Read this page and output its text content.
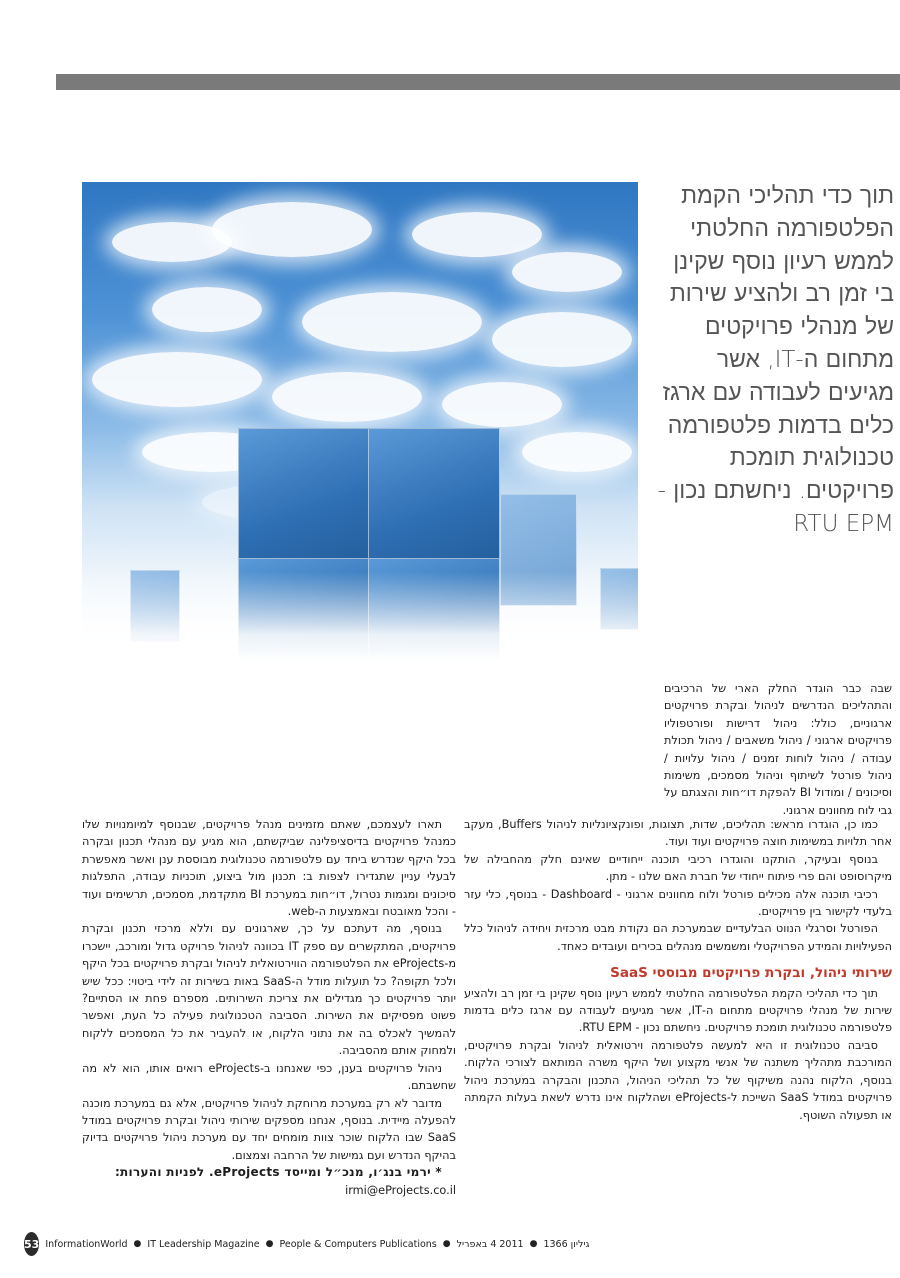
תוך כדי תהליכי הקמת הפלטפורמה החלטתי לממש רעיון נוסף שקינן בי זמן רב ולהציע שירות של מנהלי פרויקטים מתחום ה-IT, אשר מגיעים לעבודה עם ארגז כלים בדמות פלטפורמה טכנולוגית תומכת פרויקטים. ניחשתם נכון - RTU EPM

שבה כבר הוגדר החלק הארי של הרכיבים והתהליכים הנדרשים לניהול ובקרת פרויקטים ארגוניים, כולל: ניהול דרישות ופורטפוליו פרויקטים ארגוני / ניהול משאבים / ניהול תכולת עבודה / ניהול לוחות זמנים / ניהול עלויות / ניהול פורטל לשיתוף וניהול מסמכים, משימות וסיכונים / ומודול BI להפקת דו״חות והצגתם על גבי לוח מחוונים ארגוני.

כמו כן, הוגדרו מראש: תהליכים, שדות, תצוגות, ופונקציונליות לניהול Buffers, מעקב אחר תלויות במשימות חוצה פרויקטים ועוד ועוד.

בנוסף ובעיקר, הותקנו והוגדרו רכיבי תוכנה ייחודיים שאינם חלק מהחבילה של מיקרוסופט והם פרי פיתוח ייחודי של חברת האם שלנו - מתן.

רכיבי תוכנה אלה מכילים פורטל ולוח מחוונים ארגוני - Dashboard - בנוסף, כלי עזר בלעדי לקישור בין פרויקטים.

הפורטל וסרגלי הנווט הבלעדיים שבמערכת הם נקודת מבט מרכזית ויחידה לניהול כלל הפעילויות והמידע הפרויקטלי ומשמשים מנהלים בכירים ועובדים כאחד.

שירותי ניהול, ובקרת פרויקטים מבוססי SaaS

תוך כדי תהליכי הקמת הפלטפורמה החלטתי לממש רעיון נוסף שקינן בי זמן רב ולהציע שירות של מנהלי פרויקטים מתחום ה-IT, אשר מגיעים לעבודה עם ארגז כלים בדמות פלטפורמה טכנולוגית תומכת פרויקטים. ניחשתם נכון - RTU EPM.

סביבה טכנולוגית זו היא למעשה פלטפורמה וירטואלית לניהול ובקרת פרויקטים, המורכבת מתהליך משתנה של אנשי מקצוע ושל היקף משרה המותאם לצורכי הלקוח. בנוסף, הלקוח נהנה משיקוף של כל תהליכי הניהול, התכנון והבקרה במערכת ניהול פרויקטים במודל SaaS השייכת ל-eProjects ושהלקוח אינו נדרש לשאת בעלות הקמתה או תפעולה השוטף.

תארו לעצמכם, שאתם מזמינים מנהל פרויקטים, שבנוסף למיומנויות שלו כמנהל פרויקטים בדיסציפלינה שביקשתם, הוא מגיע עם מנהלי תכנון ובקרה בכל היקף שנדרש ביחד עם פלטפורמה טכנולוגית מבוססת ענן ואשר מאפשרת לבעלי עניין שתגדירו לצפות ב: תכנון מול ביצוע, תוכניות עבודה, התפלגות סיכונים ומגמות נטרול, דו״חות במערכת BI מתקדמת, מסמכים, תרשימים ועוד - והכל מאובטח ובאמצעות ה-web.

בנוסף, מה דעתכם על כך, שארגונים עם וללא מרכזי תכנון ובקרת פרויקטים, המתקשרים עם ספק IT בכוונה לניהול פרויקט גדול ומורכב, יישכרו מ-eProjects את הפלטפורמה הווירטואלית לניהול ובקרת פרויקטים בכל היקף ולכל תקופה? כל תועלות מודל ה-SaaS באות בשירות זה לידי ביטוי: ככל שיש יותר פרויקטים כך מגדילים את צריכת השירותים. מספרם פחת או הסתיים? פשוט מפסיקים את השירות. הסביבה הטכנולוגית פעילה כל העת, ואפשר להמשיך לאכלס בה את נתוני הלקוח, או להעביר את כל המסמכים ללקוח ולמחוק אותם מהסביבה.

ניהול פרויקטים בענן, כפי שאנחנו ב-eProjects רואים אותו, הוא לא מה שחשבתם.

מדובר לא רק במערכת מרוחקת לניהול פרויקטים, אלא גם במערכת מוכנה להפעלה מיידית. בנוסף, אנחנו מספקים שירותי ניהול ובקרת פרויקטים במודל SaaS שבו הלקוח שוכר צוות מומחים יחד עם מערכת ניהול פרויקטים בדיוק בהיקף הנדרש ועם גמישות של הרחבה וצמצום.

* ירמי בנג׳ו, מנכ״ל ומייסד eProjects. לפניות והערות:

irmi@eProjects.co.il

53 InformationWorld ● IT Leadership Magazine ● People & Computers Publications ● 2011 4 באפריל ● גיליון 1366
